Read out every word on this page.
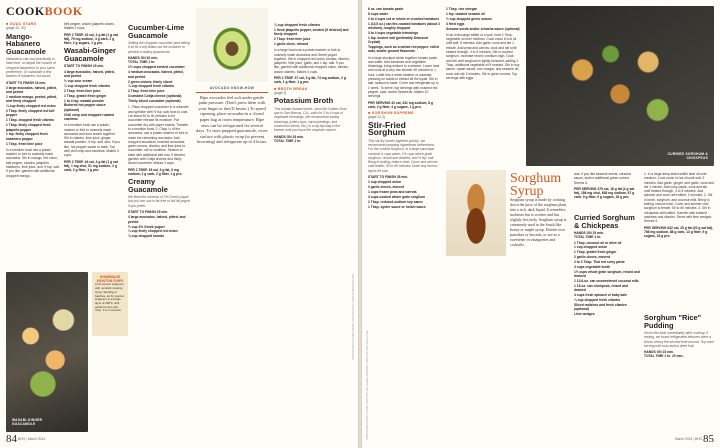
COOKBOOK
■ GUAC STARS
(page 31, 33)
Mango-Habanero Guacamole

Habaneros can vary drastically in heat level, so adjust the volume of chopped habaneros to your spice preference. Or substitute a few dashes of habanero hot sauce.

START TO FINISH 15 min.
2 large avocados, halved, pitted, and peeled
1 medium mango, peeled, pitted, and finely chopped
¼ cup finely chopped red onion
2 Tbsp. finely chopped red bell pepper
1 Tbsp. chopped fresh cilantro
1 Tbsp. finely chopped fresh jalapeño pepper
1 tsp. finely chopped fresh habanero pepper
1 Tbsp. fresh lime juice

In a medium bowl use a potato masher or fork to coarsely mash avocados. Stir in mango, red onion, bell pepper, cilantro, jalapeño, habanero, lime juice, and ½ tsp. salt. If you like, garnish with additional chopped mango,

WASABI-GINGER GUACAMOLE

bell pepper, and/or jalapeño slices. Makes 2 cups.

PER 2 TBSP. 42 cal, 4 g fat (1 g sat fat), 75 mg sodium, 4 g carb, 2 g fiber, 2 g sugars, 1 g pro.

Wasabi-Ginger Guacamole
START TO FINISH 15 min.
4 large avocados, halved, pitted, and peeled
½ cup sour cream
¼ cup chopped fresh cilantro
2 Tbsp. fresh lime juice
1 Tbsp. grated fresh ginger
1 to 4 tsp. wasabi powder
Buttered hot pepper sauce (optional)
Chili crisp and chopped roasted cashews

In a medium bowl use a potato masher or fork to coarsely mash avocados and sour cream together. Stir in cilantro, lime juice, ginger, wasabi powder, ½ tsp. salt, and, if you like, hot pepper sauce to taste. Top with chili crisp and cashews. Makes 3 cups.

PER 2 TBSP. 44 cal, 4 g fat (1 g sat fat), 1 mg chol, 51 mg sodium, 2 g carb, 2 g fiber, 1 g pro.

HOMEMADE WONTON CHIPS
Cool wonton wrappers with nonstick cooking spray. Working in batches, air-fry wonton wrappers in a single layer at 400°F until golden brown and crisp, 3 to 4 minutes.
Cucumber-Lime Guacamole

Salting the chopped cucumber (and letting it sit for a bit) draws out the moisture to prevent a watery guacamole.

HANDS ON 20 min.
TOTAL TIME 1 hr.
1½ cups chopped seeded cucumber
4 medium avocados, halved, pitted, and peeled
2 green onions, thinly sliced
¼ cup chopped fresh cilantro
2 Tbsp. fresh lime juice
Crumbled Cotija cheese (optional)
Thinly sliced cucumber (optional)

1. Place chopped cucumber in a colander and sprinkle with ½ tsp. salt; toss to coat. Let stand 30 to 40 minutes to let cucumber release its moisture. Pat cucumber dry with paper towels. Transfer to a medium bowl. 2. Chop ¼ of the avocados; use a potato masher or fork to mash the remaining avocados. Add chopped avocados, mashed avocados, green onions, cilantro, and lime juice to cucumber; stir to combine. Season to taste with additional salt and, if desired, garnish with Cotija cheese and thinly sliced cucumber. Makes 3 cups.

PER 2 TBSP. 39 cal, 3 g fat, 0 mg sodium, 2 g carb, 2 g fiber, 1 g pro.

Creamy Guacamole

We liked the richness of 2% Greek yogurt but you can sub in fat-free or full-fat yogurt if you prefer.

START TO FINISH 15 min.
4 large avocados, halved, pitted, and peeled
½ cup 2% Greek yogurt
¼ cup finely chopped red onion
¼ cup chopped tomato
AVOCADO KNOW-HOW
Ripe avocados feel soft under gentle palm pressure. (Don't press them with your finger or they'll bruise.) To speed ripening, place avocados in a closed paper bag at room temperature. Ripe ones can be refrigerated for several days. To store prepped guacamole, cover surface with plastic wrap (to prevent browning) and refrigerate up to 4 hours.
¼ cup chopped fresh cilantro
1 fresh jalapeño pepper, seeded (if desired) and finely chopped
2 Tbsp. fresh lime juice
1 garlic clove, minced

In a large bowl use a potato masher or fork to coarsely mash avocados and Greek yogurt together. Stir in chopped red onion, tomato, cilantro, jalapeño, lime juice, garlic, and 1 tsp. salt. If you like, garnish with additional chopped onion, tomato, and/or cilantro. Makes 4 cups.

PER 2 TBSP. 37 cal, 3 g fat, 74 mg sodium, 2 g carb, 1 g fiber, 1 g pro.

■ BROTH BREAK
(page 3)
Potassium Broth

This tomato-forward broth—from the Golden Door spa in San Marcos, CA—calls for 3 to 4 cups of vegetable trimmings. We recommend saving trimmings (celery tops, carrot peelings, and mushroom stems, etc.) in a zip-top bag in the freezer until you have the requisite volume.

HANDS ON 15 min.
TOTAL TIME 1 hr.
PHOTOGRAPHY BLAINE MOATS. FOOD STYLING: CHARLIE WORTHINGTON
84 BHG | March 2024
6 oz. can tomato paste
8 cups water
3 to 4 cups cut or whole or crushed tomatoes
1 (14.5 oz.) can fire-roasted tomatoes (about 3 medium), roughly chopped
3 to 4 cups vegetable trimmings
1 tsp. kosher salt (preferably Diamond Crystal)
Toppings, such as crushed red pepper, rolled oats, and/or ground flaxseeds

In a large stockpot whisk together tomato paste and water. Add tomatoes and vegetable trimmings, bring mixture to a simmer. Lower heat and cook at a very low simmer 40 minutes to 1 hour. Ladle into a mesh strainer or colander, pressing on solids to extract all the liquid. Stir in salt, season to taste. Cover and refrigerate up to 1 week. To serve, top servings with crushed red pepper, oats, and/or flaxseeds. Makes 10 servings.

PER SERVING 32 cal, 331 mg sodium, 8 g carb, 2 g fiber, 4 g sugars, 1 g pro.

■ SORGHUM SUPREME
(page 31-3)
Stir-Fried Sorghum

This stir-fry comes together quickly; we recommend prepping ingredients beforehand. For the cooked sorghum, in a large saucepan combine 4 cups water, 1½ cups whole-grain sorghum, rinsed and drained, and ½ tsp. salt. Bring to boiling; reduce heat. Cover and simmer until tender, 50 to 60 minutes. Drain any excess liquid; let cool.

START TO FINISH 25 min.
1 cup chopped onion
3 garlic cloves, minced
1 cups frozen peas and carrots
3 cups cooked whole grain sorghum
2 Tbsp. reduced-sodium soy sauce
1 Tbsp. oyster sauce or hoisin sauce
1 Tbsp. rice vinegar
1 tsp. toasted sesame oil
½ cup chopped green onions
4 fried eggs
Sesame seeds and/or sriracha sauce (optional)

In an extra-large skillet or a wok, heat 2 Tbsp. vegetable oil over medium. Cook onion in hot oil until soft, 5 minutes. Add garlic; cook and stir 1 minute. Add peas and carrots; cook and stir until heated through, 4 to 5 minutes. Stir in cooked sorghum. Increase heat to medium-high. Cook and stir until sorghum is lightly browned, adding 1 Tbsp. additional vegetable oil if needed. Stir in soy sauce, oyster sauce, rice vinegar, and sesame oil; cook and stir 2 minutes. Stir in green onions. Top servings with eggs

CURRIED SORGHUM & CHICKPEAS
Sorghum Syrup
Sorghum syrup is made by cooking down the juice of the sorghum plant into a rich, dark liquid. It resembles molasses but is sweeter and has slightly less body. Sorghum syrup is commonly used in the South like honey or maple syrup. Drizzle over pancakes or biscuits, or use as a sweetener in vinaigrettes and cocktails.

and, if you like sesame seeds, sriracha sauce, and/or additional green onions. Serves 4.

PER SERVING 479 cal, 18 g fat (4 g sat fat), 186 mg chol, 636 mg sodium, 67 g carb, 9 g fiber, 5 g sugars, 18 g pro.

1. In a large deep-sided skillet heat oil over medium. Cook onion in hot oil until soft, 5 minutes. Add garlic, ginger, and garlic; cook and stir 1 minute. Add curry paste, cook and stir until heated through, 4 to 5 minutes. Add spinach and cook until wilted, 2 minutes. 2. Stir in broth, sorghum, and coconut milk. Bring to boiling; reduce heat. Cover and simmer until sorghum is tender, 50 to 60 minutes. 3. Stir in chickpeas until wilted. Garnish with toasted cashews and cilantro. Serve with lime wedges. Serves 4.

PER SERVING 632 cal, 25 g fat (20 g sat fat), 766 mg sodium, 88 g carb, 13 g fiber, 9 g sugars, 18 g pro.

Curried Sorghum & Chickpeas
HANDS ON 15 min.
TOTAL TIME 1 hr.
1 Tbsp. coconut oil or olive oil
1 cup chopped onion
1 Tbsp. grated fresh ginger
2 garlic cloves, minced
2 to 3 Tbsp. Thai red curry paste
4 cups vegetable broth
1½ cups whole grain sorghum, rinsed and drained
1 13.6-oz. can unsweetened coconut milk
1 15-oz. can chickpeas, rinsed and drained
4 cups fresh spinach or baby kale
¼ cup chopped fresh cilantro
Sliced radishes and fresh cilantro (optional)
Lime wedges	Sorghum "Rice" Pudding

Serve this treat immediately after cooking. If resting, we found refrigerated leftovers were a bit too chewy the second time around. Top each serving with nuts and/or dried fruit.

HANDS ON 15 min.
TOTAL TIME 1 hr. 20 min.
PHOTOGRAPHY ANDY LYONS. PROP STYLING: KAREN JOHNSON. FOOD STYLING: GREG LUNA	March 2024 | BHG 85
